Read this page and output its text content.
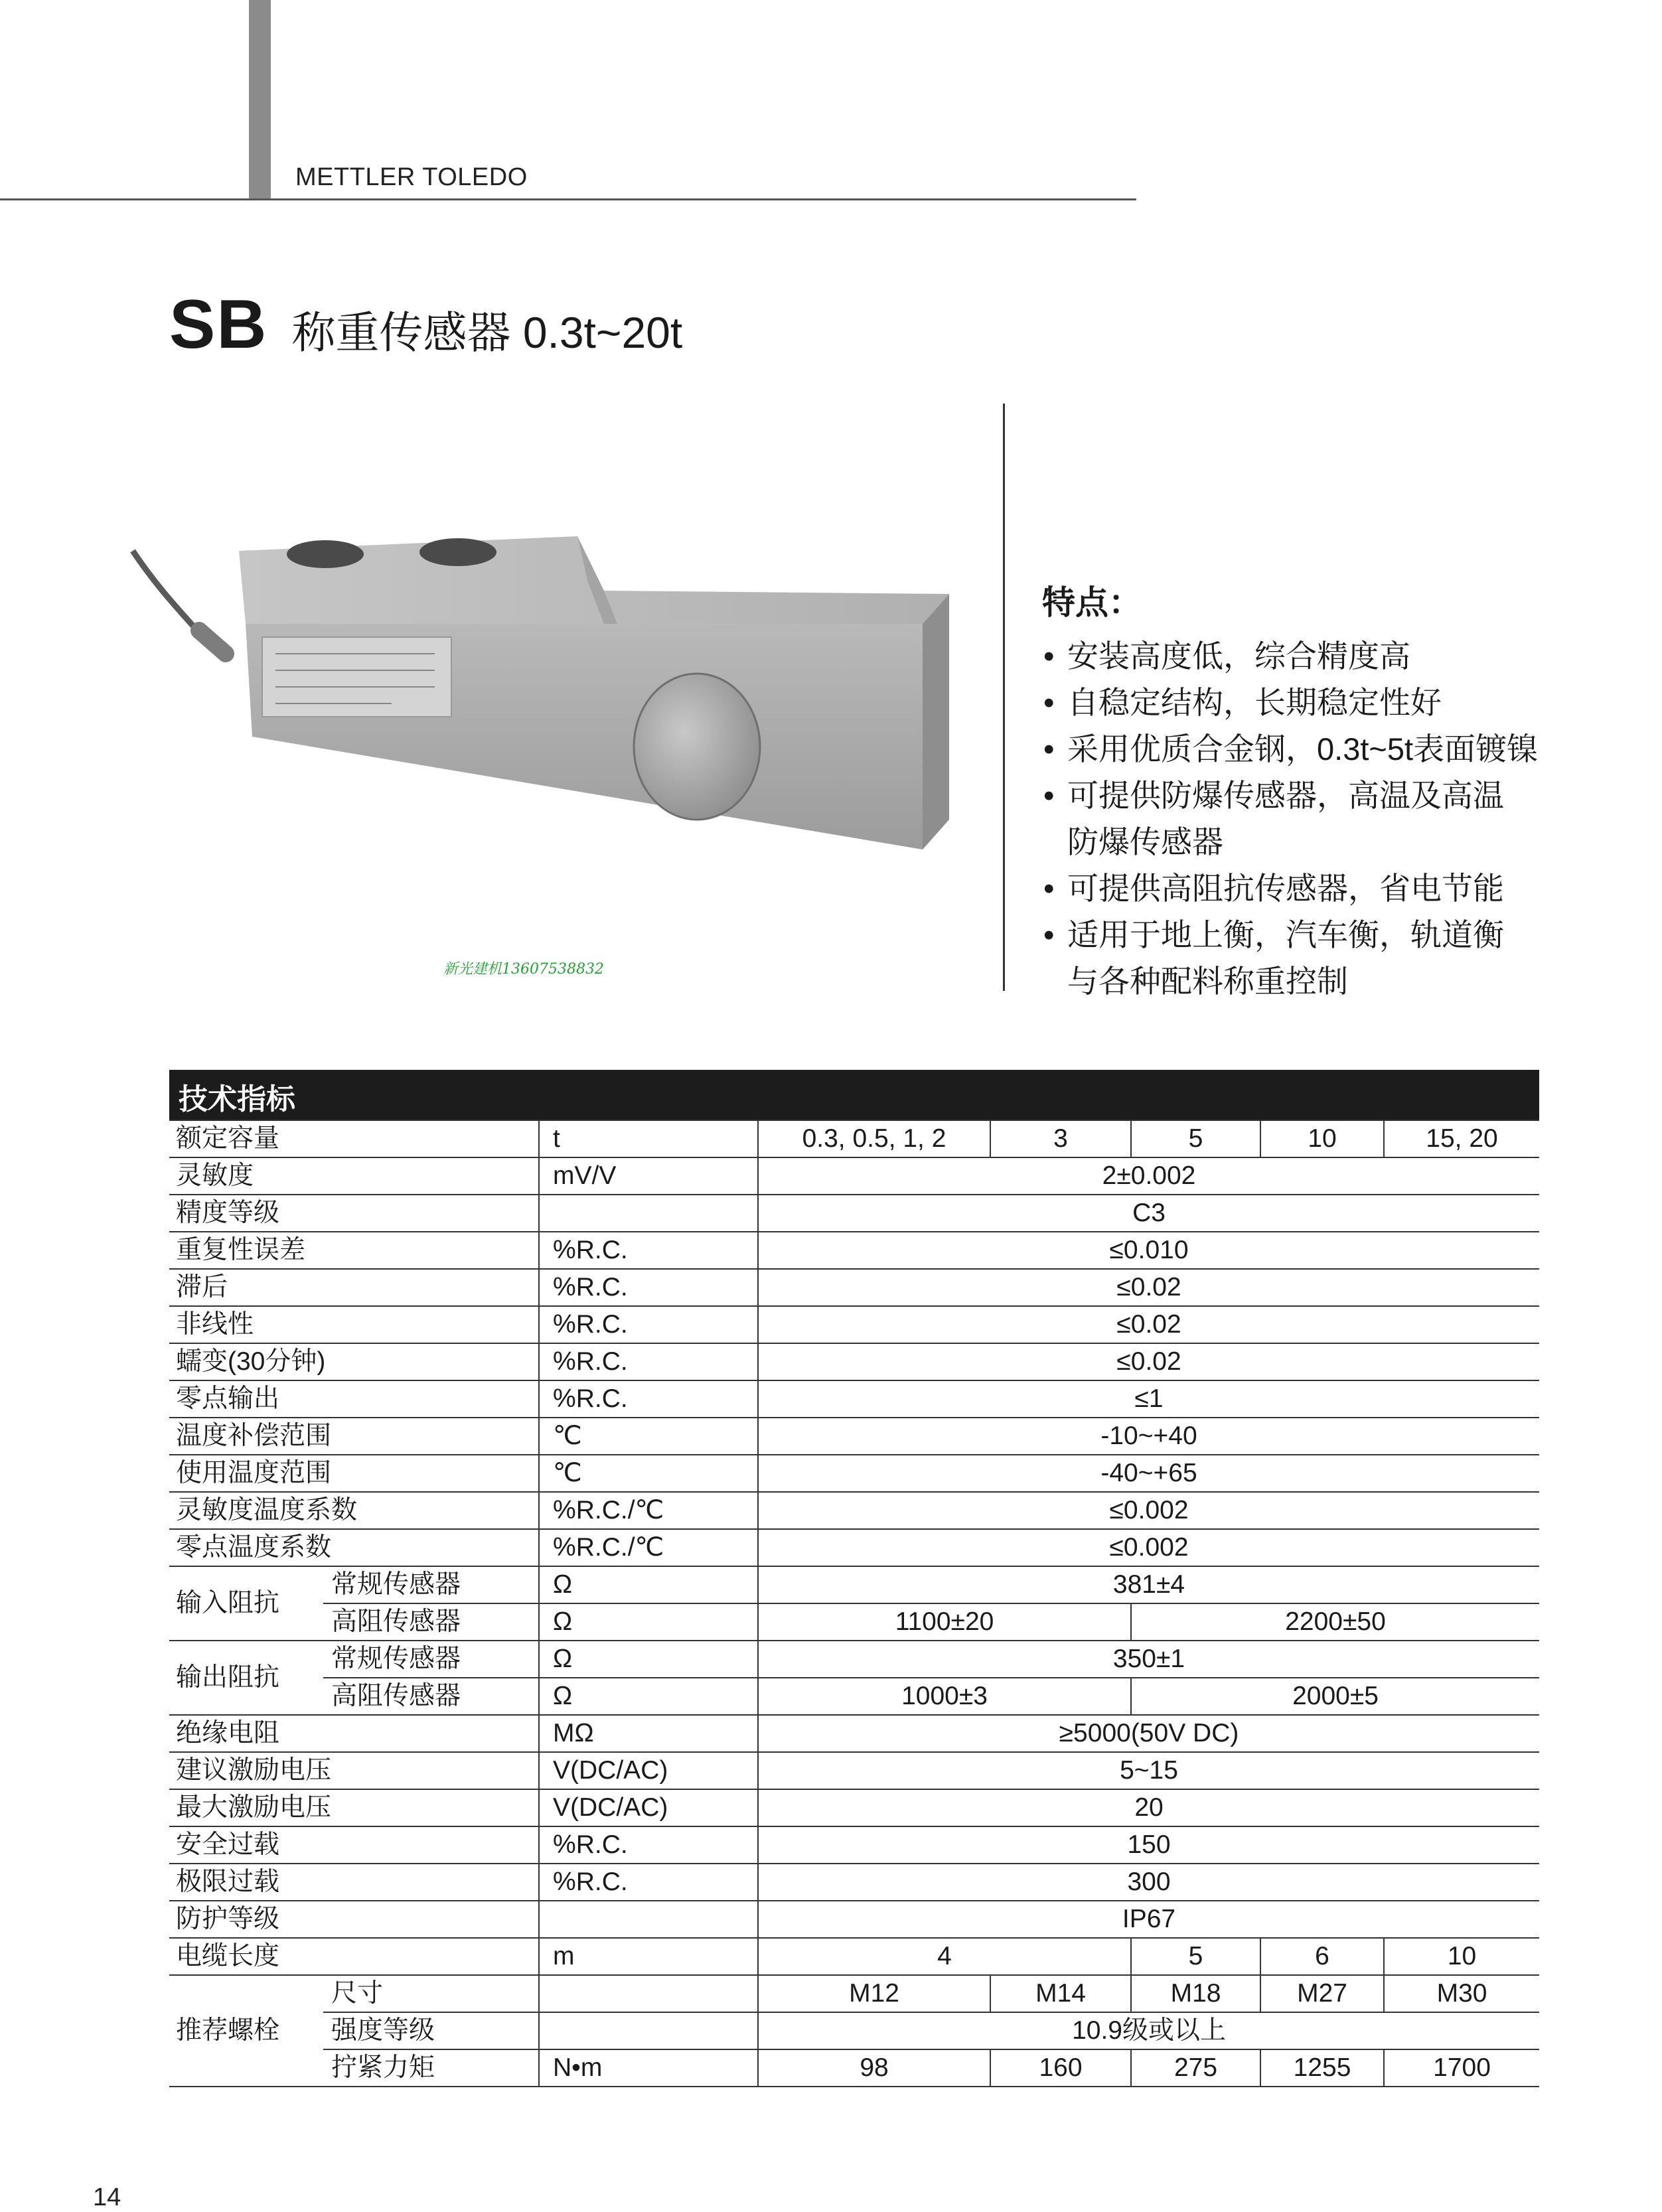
METTLER TOLEDO
SB 称重传感器 0.3t~20t
新光建机13607538832
特点：
• 安装高度低，综合精度高
• 自稳定结构，长期稳定性好
• 采用优质合金钢，0.3t~5t表面镀镍
• 可提供防爆传感器，高温及高温
防爆传感器
• 可提供高阻抗传感器，省电节能
• 适用于地上衡，汽车衡，轨道衡
与各种配料称重控制
技术指标
额定容量		t	0.3, 0.5, 1, 2	3	5	10	15, 20
灵敏度		mV/V	2±0.002				
精度等级			C3				
重复性误差		%R.C.	≤0.010				
滞后		%R.C.	≤0.02				
非线性		%R.C.	≤0.02				
蠕变(30分钟)		%R.C.	≤0.02				
零点输出		%R.C.	≤1				
温度补偿范围		℃	-10~+40				
使用温度范围		℃	-40~+65				
灵敏度温度系数		%R.C./℃	≤0.002				
零点温度系数		%R.C./℃	≤0.002				
输入阻抗	常规传感器	Ω	381±4				
	高阻传感器	Ω	1100±20		2200±50		
输出阻抗	常规传感器	Ω	350±1				
	高阻传感器	Ω	1000±3		2000±5		
绝缘电阻		MΩ	≥5000(50V DC)				
建议激励电压		V(DC/AC)	5~15				
最大激励电压		V(DC/AC)	20				
安全过载		%R.C.	150				
极限过载		%R.C.	300				
防护等级			IP67				
电缆长度		m	4		5	6	10
推荐螺栓	尺寸		M12	M14	M18	M27	M30
	强度等级		10.9级或以上				
	拧紧力矩	N•m	98	160	275	1255	1700
14
